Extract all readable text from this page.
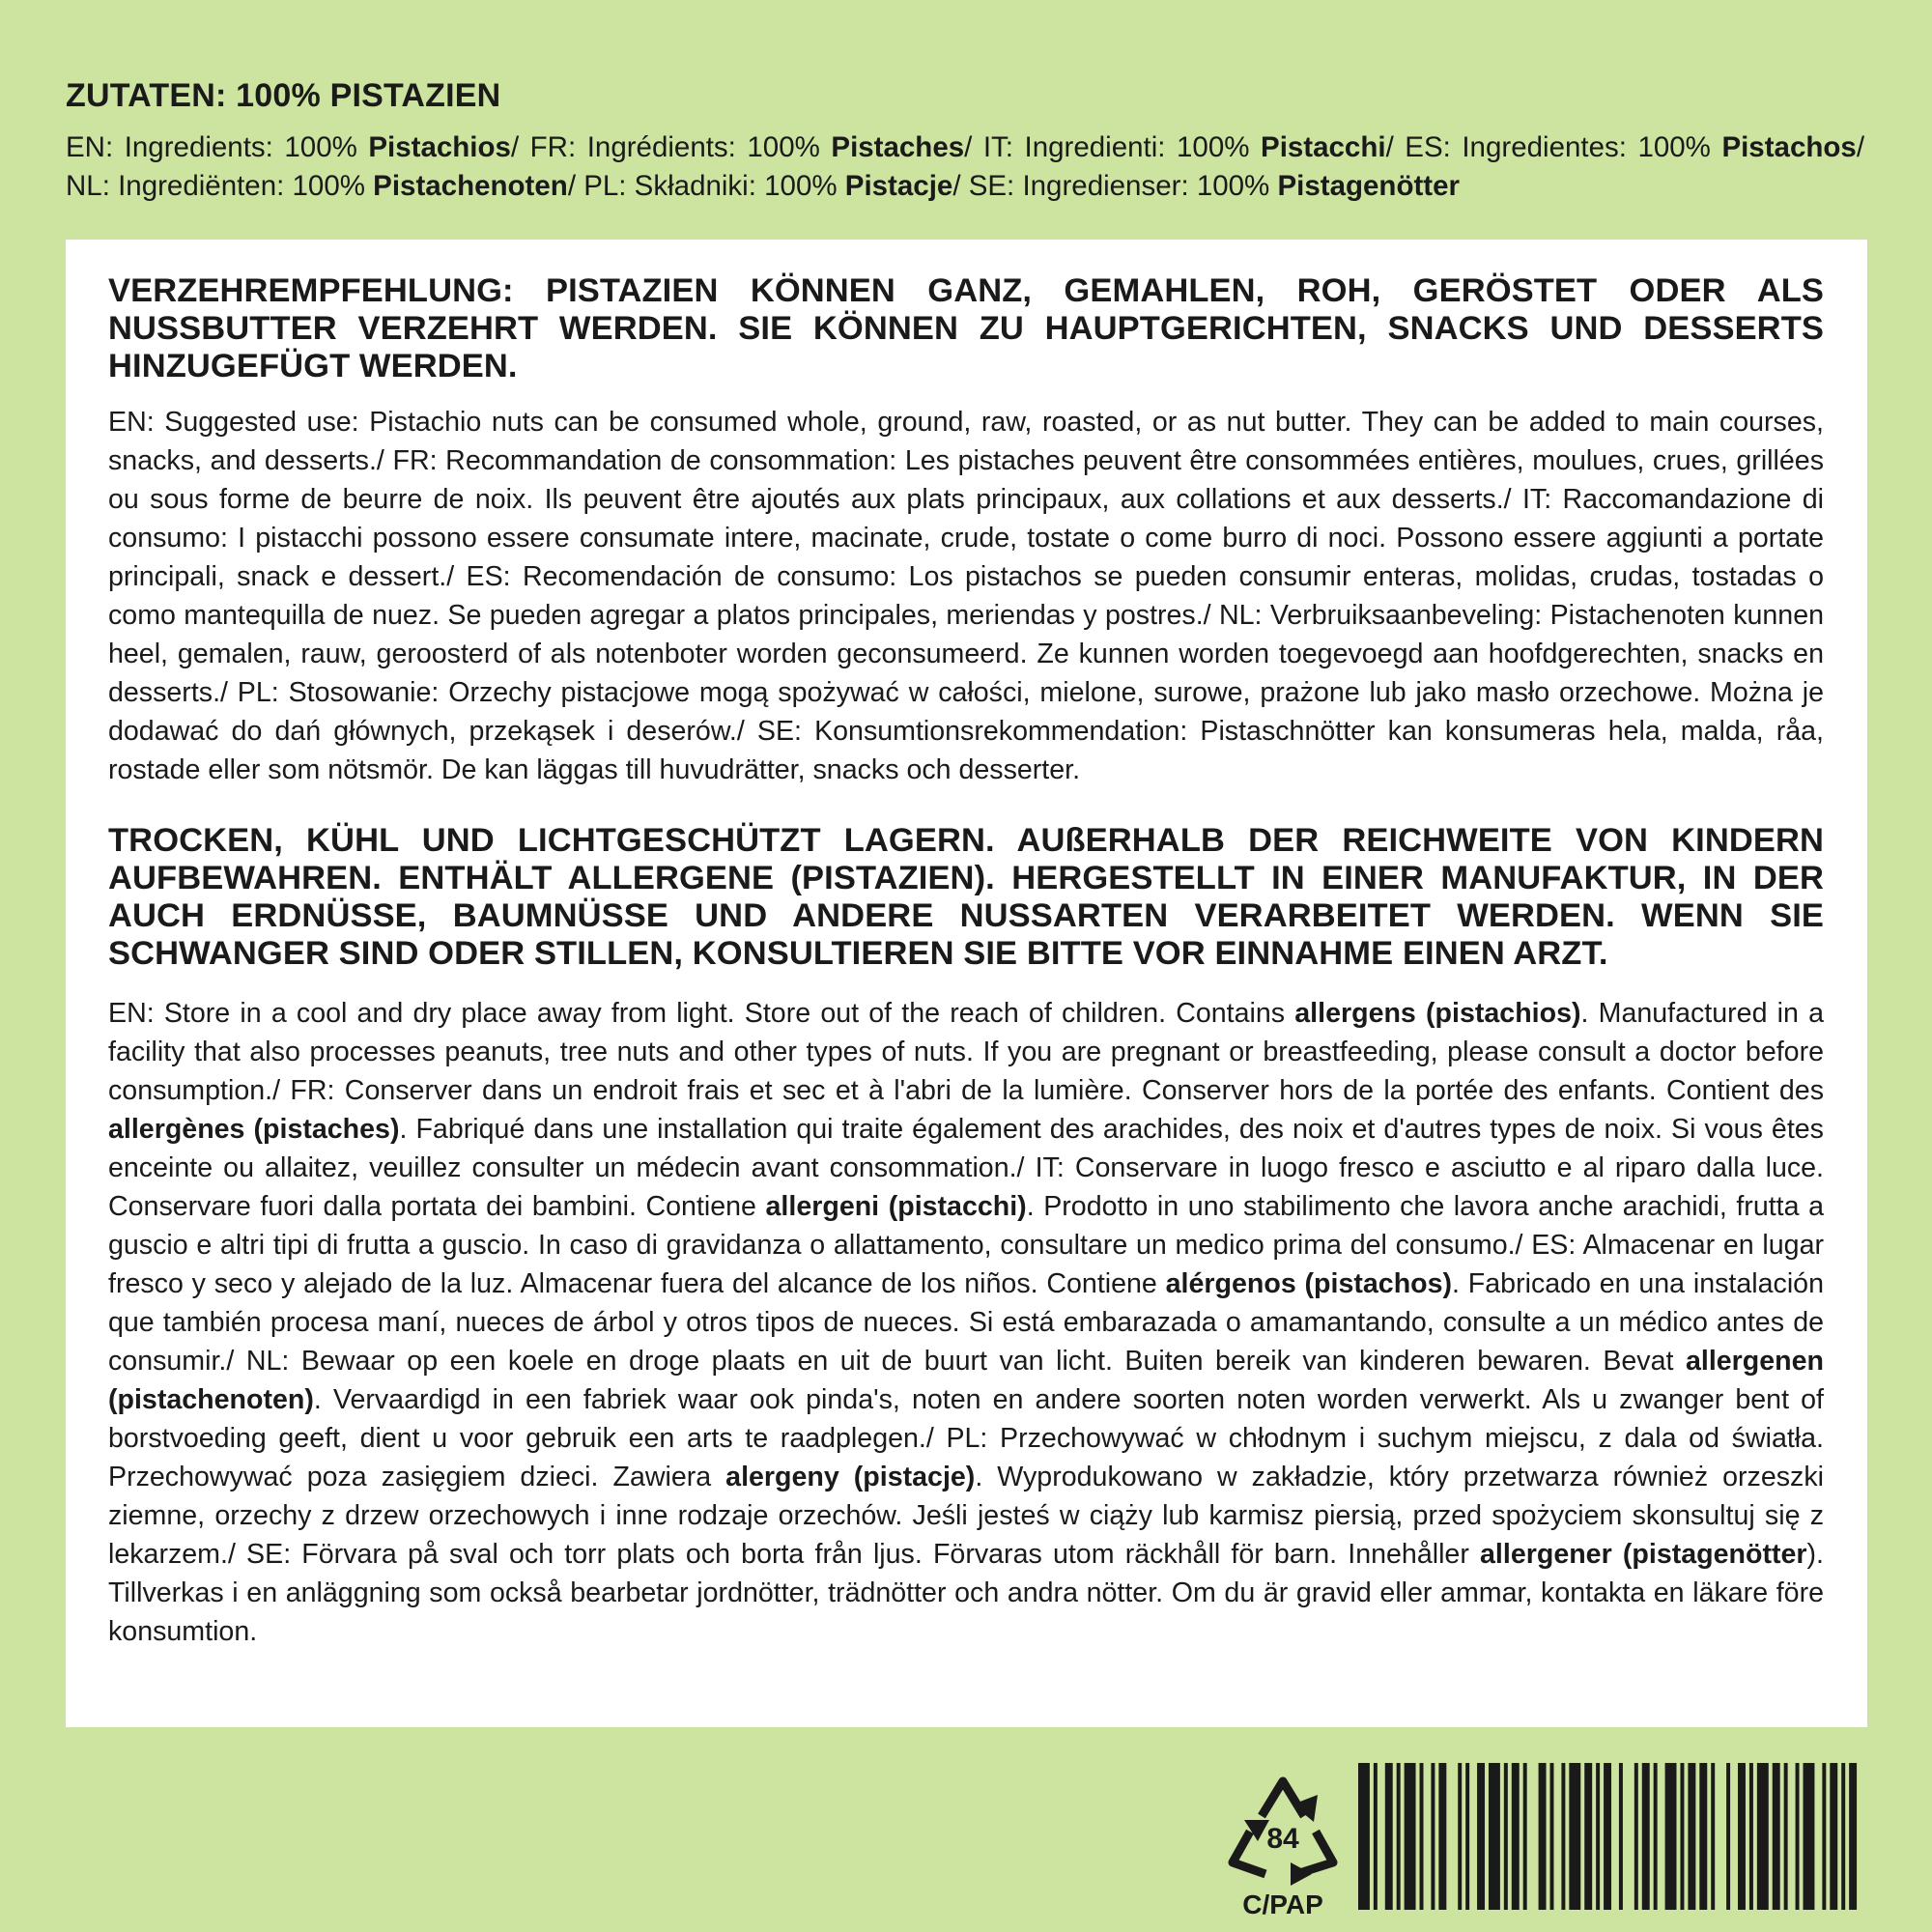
ZUTATEN: 100% PISTAZIEN

EN: Ingredients: 100% Pistachios/ FR: Ingrédients: 100% Pistaches/ IT: Ingredienti: 100% Pistacchi/ ES: Ingredientes: 100% Pistachos/ NL: Ingrediënten: 100% Pistachenoten/ PL: Składniki: 100% Pistacje/ SE: Ingredienser: 100% Pistagenötter

VERZEHREMPFEHLUNG: PISTAZIEN KÖNNEN GANZ, GEMAHLEN, ROH, GERÖSTET ODER ALS NUSSBUTTER VERZEHRT WERDEN. SIE KÖNNEN ZU HAUPTGERICHTEN, SNACKS UND DESSERTS HINZUGEFÜGT WERDEN.

EN: Suggested use: Pistachio nuts can be consumed whole, ground, raw, roasted, or as nut butter. They can be added to main courses, snacks, and desserts./ FR: Recommandation de consommation: Les pistaches peuvent être consommées entières, moulues, crues, grillées ou sous forme de beurre de noix. Ils peuvent être ajoutés aux plats principaux, aux collations et aux desserts./ IT: Raccomandazione di consumo: I pistacchi possono essere consumate intere, macinate, crude, tostate o come burro di noci. Possono essere aggiunti a portate principali, snack e dessert./ ES: Recomendación de consumo: Los pistachos se pueden consumir enteras, molidas, crudas, tostadas o como mantequilla de nuez. Se pueden agregar a platos principales, meriendas y postres./ NL: Verbruiksaanbeveling: Pistachenoten kunnen heel, gemalen, rauw, geroosterd of als notenboter worden geconsumeerd. Ze kunnen worden toegevoegd aan hoofdgerechten, snacks en desserts./ PL: Stosowanie: Orzechy pistacjowe mogą spożywać w całości, mielone, surowe, prażone lub jako masło orzechowe. Można je dodawać do dań głównych, przekąsek i deserów./ SE: Konsumtionsrekommendation: Pistaschnötter kan konsumeras hela, malda, råa, rostade eller som nötsmör. De kan läggas till huvudrätter, snacks och desserter.

TROCKEN, KÜHL UND LICHTGESCHÜTZT LAGERN. AUßERHALB DER REICHWEITE VON KINDERN AUFBEWAHREN. ENTHÄLT ALLERGENE (PISTAZIEN). HERGESTELLT IN EINER MANUFAKTUR, IN DER AUCH ERDNÜSSE, BAUMNÜSSE UND ANDERE NUSSARTEN VERARBEITET WERDEN. WENN SIE SCHWANGER SIND ODER STILLEN, KONSULTIEREN SIE BITTE VOR EINNAHME EINEN ARZT.

EN: Store in a cool and dry place away from light. Store out of the reach of children. Contains allergens (pistachios). Manufactured in a facility that also processes peanuts, tree nuts and other types of nuts. If you are pregnant or breastfeeding, please consult a doctor before consumption./ FR: Conserver dans un endroit frais et sec et à l'abri de la lumière. Conserver hors de la portée des enfants. Contient des allergènes (pistaches). Fabriqué dans une installation qui traite également des arachides, des noix et d'autres types de noix. Si vous êtes enceinte ou allaitez, veuillez consulter un médecin avant consommation./ IT: Conservare in luogo fresco e asciutto e al riparo dalla luce. Conservare fuori dalla portata dei bambini. Contiene allergeni (pistacchi). Prodotto in uno stabilimento che lavora anche arachidi, frutta a guscio e altri tipi di frutta a guscio. In caso di gravidanza o allattamento, consultare un medico prima del consumo./ ES: Almacenar en lugar fresco y seco y alejado de la luz. Almacenar fuera del alcance de los niños. Contiene alérgenos (pistachos). Fabricado en una instalación que también procesa maní, nueces de árbol y otros tipos de nueces. Si está embarazada o amamantando, consulte a un médico antes de consumir./ NL: Bewaar op een koele en droge plaats en uit de buurt van licht. Buiten bereik van kinderen bewaren. Bevat allergenen (pistachenoten). Vervaardigd in een fabriek waar ook pinda's, noten en andere soorten noten worden verwerkt. Als u zwanger bent of borstvoeding geeft, dient u voor gebruik een arts te raadplegen./ PL: Przechowywać w chłodnym i suchym miejscu, z dala od światła. Przechowywać poza zasięgiem dzieci. Zawiera alergeny (pistacje). Wyprodukowano w zakładzie, który przetwarza również orzeszki ziemne, orzechy z drzew orzechowych i inne rodzaje orzechów. Jeśli jesteś w ciąży lub karmisz piersią, przed spożyciem skonsultuj się z lekarzem./ SE: Förvara på sval och torr plats och borta från ljus. Förvaras utom räckhåll för barn. Innehåller allergener (pistagenötter). Tillverkas i en anläggning som också bearbetar jordnötter, trädnötter och andra nötter. Om du är gravid eller ammar, kontakta en läkare före konsumtion.

84
C/PAP
